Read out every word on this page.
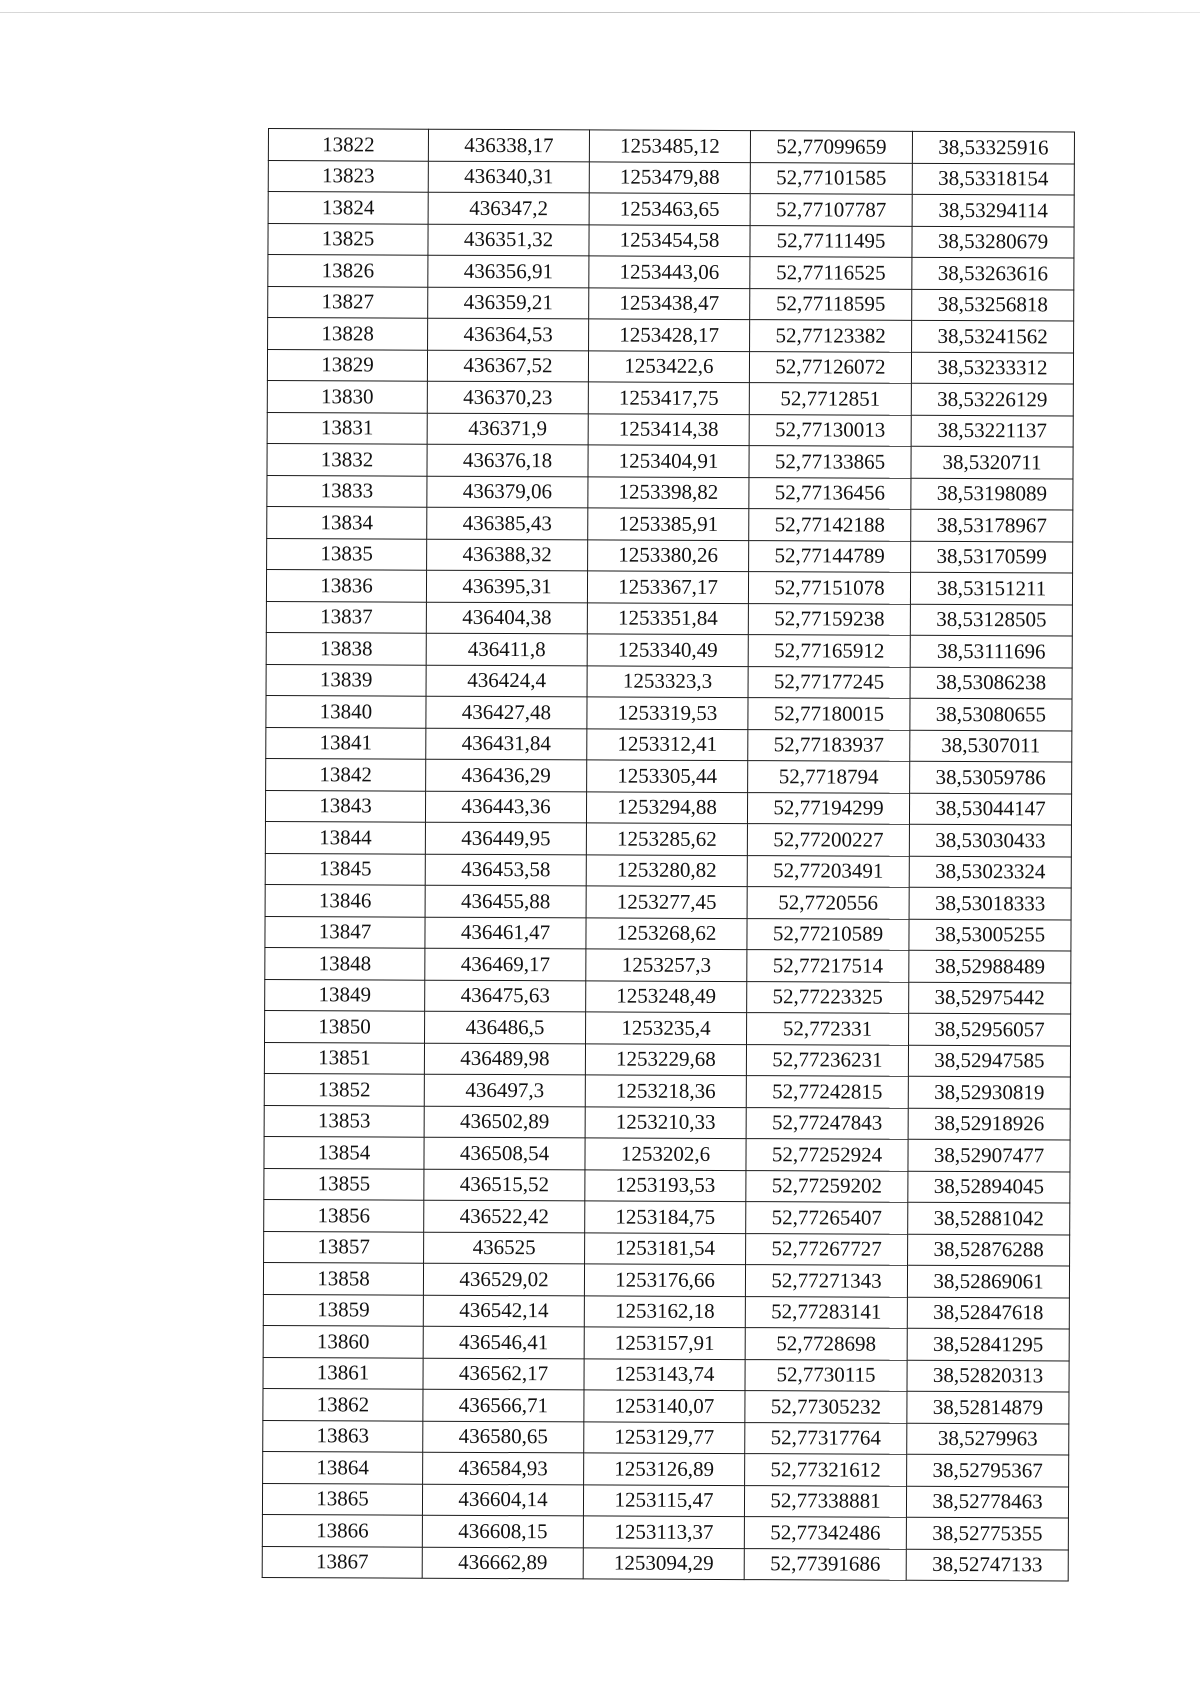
13822	436338,17	1253485,12	52,77099659	38,53325916
13823	436340,31	1253479,88	52,77101585	38,53318154
13824	436347,2	1253463,65	52,77107787	38,53294114
13825	436351,32	1253454,58	52,77111495	38,53280679
13826	436356,91	1253443,06	52,77116525	38,53263616
13827	436359,21	1253438,47	52,77118595	38,53256818
13828	436364,53	1253428,17	52,77123382	38,53241562
13829	436367,52	1253422,6	52,77126072	38,53233312
13830	436370,23	1253417,75	52,7712851	38,53226129
13831	436371,9	1253414,38	52,77130013	38,53221137
13832	436376,18	1253404,91	52,77133865	38,5320711
13833	436379,06	1253398,82	52,77136456	38,53198089
13834	436385,43	1253385,91	52,77142188	38,53178967
13835	436388,32	1253380,26	52,77144789	38,53170599
13836	436395,31	1253367,17	52,77151078	38,53151211
13837	436404,38	1253351,84	52,77159238	38,53128505
13838	436411,8	1253340,49	52,77165912	38,53111696
13839	436424,4	1253323,3	52,77177245	38,53086238
13840	436427,48	1253319,53	52,77180015	38,53080655
13841	436431,84	1253312,41	52,77183937	38,5307011
13842	436436,29	1253305,44	52,7718794	38,53059786
13843	436443,36	1253294,88	52,77194299	38,53044147
13844	436449,95	1253285,62	52,77200227	38,53030433
13845	436453,58	1253280,82	52,77203491	38,53023324
13846	436455,88	1253277,45	52,7720556	38,53018333
13847	436461,47	1253268,62	52,77210589	38,53005255
13848	436469,17	1253257,3	52,77217514	38,52988489
13849	436475,63	1253248,49	52,77223325	38,52975442
13850	436486,5	1253235,4	52,772331	38,52956057
13851	436489,98	1253229,68	52,77236231	38,52947585
13852	436497,3	1253218,36	52,77242815	38,52930819
13853	436502,89	1253210,33	52,77247843	38,52918926
13854	436508,54	1253202,6	52,77252924	38,52907477
13855	436515,52	1253193,53	52,77259202	38,52894045
13856	436522,42	1253184,75	52,77265407	38,52881042
13857	436525	1253181,54	52,77267727	38,52876288
13858	436529,02	1253176,66	52,77271343	38,52869061
13859	436542,14	1253162,18	52,77283141	38,52847618
13860	436546,41	1253157,91	52,7728698	38,52841295
13861	436562,17	1253143,74	52,7730115	38,52820313
13862	436566,71	1253140,07	52,77305232	38,52814879
13863	436580,65	1253129,77	52,77317764	38,5279963
13864	436584,93	1253126,89	52,77321612	38,52795367
13865	436604,14	1253115,47	52,77338881	38,52778463
13866	436608,15	1253113,37	52,77342486	38,52775355
13867	436662,89	1253094,29	52,77391686	38,52747133
